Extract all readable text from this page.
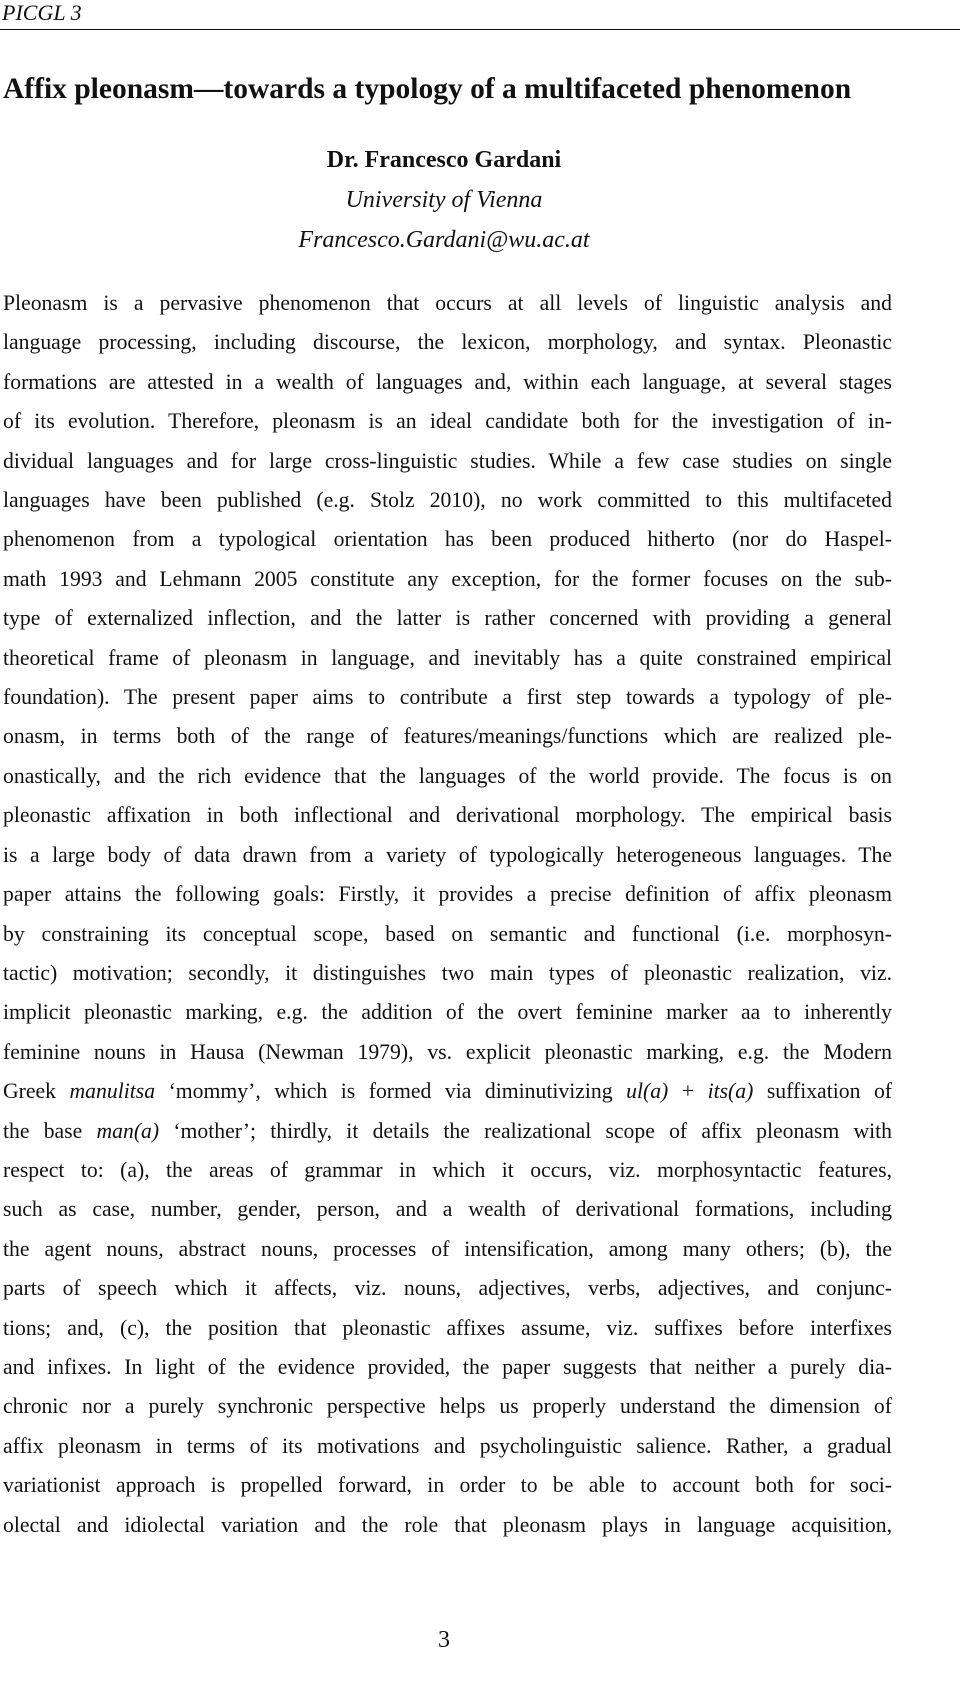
PICGL 3
Affix pleonasm—towards a typology of a multifaceted phenomenon
Dr. Francesco Gardani
University of Vienna
Francesco.Gardani@wu.ac.at
Pleonasm is a pervasive phenomenon that occurs at all levels of linguistic analysis and
language processing, including discourse, the lexicon, morphology, and syntax. Pleonastic
formations are attested in a wealth of languages and, within each language, at several stages
of its evolution. Therefore, pleonasm is an ideal candidate both for the investigation of in-
dividual languages and for large cross-linguistic studies. While a few case studies on single
languages have been published (e.g. Stolz 2010), no work committed to this multifaceted
phenomenon from a typological orientation has been produced hitherto (nor do Haspel-
math 1993 and Lehmann 2005 constitute any exception, for the former focuses on the sub-
type of externalized inflection, and the latter is rather concerned with providing a general
theoretical frame of pleonasm in language, and inevitably has a quite constrained empirical
foundation). The present paper aims to contribute a first step towards a typology of ple-
onasm, in terms both of the range of features/meanings/functions which are realized ple-
onastically, and the rich evidence that the languages of the world provide. The focus is on
pleonastic affixation in both inflectional and derivational morphology. The empirical basis
is a large body of data drawn from a variety of typologically heterogeneous languages. The
paper attains the following goals: Firstly, it provides a precise definition of affix pleonasm
by constraining its conceptual scope, based on semantic and functional (i.e. morphosyn-
tactic) motivation; secondly, it distinguishes two main types of pleonastic realization, viz.
implicit pleonastic marking, e.g. the addition of the overt feminine marker aa to inherently
feminine nouns in Hausa (Newman 1979), vs. explicit pleonastic marking, e.g. the Modern
Greek manulitsa ‘mommy’, which is formed via diminutivizing ul(a) + its(a) suffixation of
the base man(a) ‘mother’; thirdly, it details the realizational scope of affix pleonasm with
respect to: (a), the areas of grammar in which it occurs, viz. morphosyntactic features,
such as case, number, gender, person, and a wealth of derivational formations, including
the agent nouns, abstract nouns, processes of intensification, among many others; (b), the
parts of speech which it affects, viz. nouns, adjectives, verbs, adjectives, and conjunc-
tions; and, (c), the position that pleonastic affixes assume, viz. suffixes before interfixes
and infixes. In light of the evidence provided, the paper suggests that neither a purely dia-
chronic nor a purely synchronic perspective helps us properly understand the dimension of
affix pleonasm in terms of its motivations and psycholinguistic salience. Rather, a gradual
variationist approach is propelled forward, in order to be able to account both for soci-
olectal and idiolectal variation and the role that pleonasm plays in language acquisition,
3
